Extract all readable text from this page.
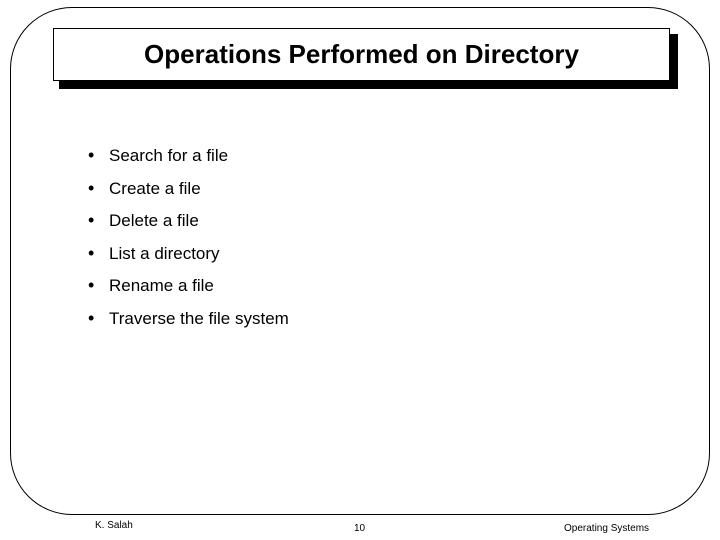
Operations Performed on Directory
• Search for a file
• Create a file
• Delete a file
• List a directory
• Rename a file
• Traverse the file system
K. Salah	10	Operating Systems
